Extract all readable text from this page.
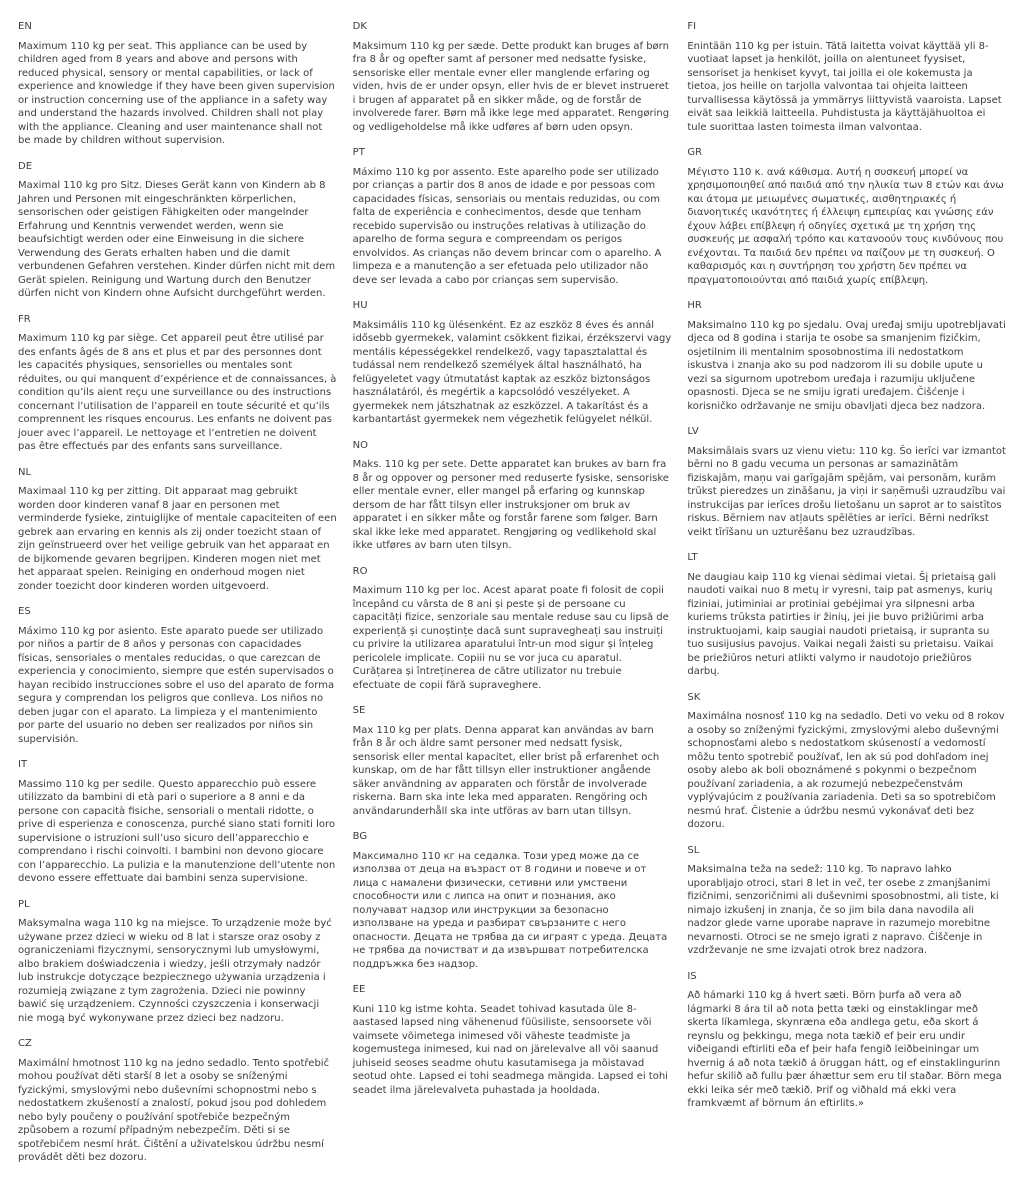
EN

Maximum 110 kg per seat. This appliance can be used by children aged from 8 years and above and persons with reduced physical, sensory or mental capabilities, or lack of experience and knowledge if they have been given supervision or instruction concerning use of the appliance in a safety way and understand the hazards involved. Children shall not play with the appliance. Cleaning and user maintenance shall not be made by children without supervision.

DE

Maximal 110 kg pro Sitz. Dieses Gerät kann von Kindern ab 8 Jahren und Personen mit eingeschränkten körperlichen, sensorischen oder geistigen Fähigkeiten oder mangelnder Erfahrung und Kenntnis verwendet werden, wenn sie beaufsichtigt werden oder eine Einweisung in die sichere Verwendung des Gerats erhalten haben und die damit verbundenen Gefahren verstehen. Kinder dürfen nicht mit dem Gerät spielen. Reinigung und Wartung durch den Benutzer dürfen nicht von Kindern ohne Aufsicht durchgeführt werden.

FR

Maximum 110 kg par siège. Cet appareil peut être utilisé par des enfants âgés de 8 ans et plus et par des personnes dont les capacités physiques, sensorielles ou mentales sont réduites, ou qui manquent d’expérience et de connaissances, à condition qu’ils aient reçu une surveillance ou des instructions concernant l’utilisation de l’appareil en toute sécurité et qu’ils comprennent les risques encourus. Les enfants ne doivent pas jouer avec l’appareil. Le nettoyage et l’entretien ne doivent pas être effectués par des enfants sans surveillance.

NL

Maximaal 110 kg per zitting. Dit apparaat mag gebruikt worden door kinderen vanaf 8 jaar en personen met verminderde fysieke, zintuiglijke of mentale capaciteiten of een gebrek aan ervaring en kennis als zij onder toezicht staan of zijn geïnstrueerd over het veilige gebruik van het apparaat en de bijkomende gevaren begrijpen. Kinderen mogen niet met het apparaat spelen. Reiniging en onderhoud mogen niet zonder toezicht door kinderen worden uitgevoerd.

ES

Máximo 110 kg por asiento. Este aparato puede ser utilizado por niños a partir de 8 años y personas con capacidades físicas, sensoriales o mentales reducidas, o que carezcan de experiencia y conocimiento, siempre que estén supervisados o hayan recibido instrucciones sobre el uso del aparato de forma segura y comprendan los peligros que conlleva. Los niños no deben jugar con el aparato. La limpieza y el mantenimiento por parte del usuario no deben ser realizados por niños sin supervisión.

IT

Massimo 110 kg per sedile. Questo apparecchio può essere utilizzato da bambini di età pari o superiore a 8 anni e da persone con capacità fisiche, sensoriali o mentali ridotte, o prive di esperienza e conoscenza, purché siano stati forniti loro supervisione o istruzioni sull’uso sicuro dell’apparecchio e comprendano i rischi coinvolti. I bambini non devono giocare con l’apparecchio. La pulizia e la manutenzione dell’utente non devono essere effettuate dai bambini senza supervisione.

PL

Maksymalna waga 110 kg na miejsce. To urządzenie może być używane przez dzieci w wieku od 8 lat i starsze oraz osoby z ograniczeniami fizycznymi, sensorycznymi lub umysłowymi, albo brakiem doświadczenia i wiedzy, jeśli otrzymały nadzór lub instrukcje dotyczące bezpiecznego używania urządzenia i rozumieją związane z tym zagrożenia. Dzieci nie powinny bawić się urządzeniem. Czynności czyszczenia i konserwacji nie mogą być wykonywane przez dzieci bez nadzoru.

CZ

Maximální hmotnost 110 kg na jedno sedadlo. Tento spotřebič mohou používat děti starší 8 let a osoby se sníženými fyzickými, smyslovými nebo duševními schopnostmi nebo s nedostatkem zkušeností a znalostí, pokud jsou pod dohledem nebo byly poučeny o používání spotřebiče bezpečným způsobem a rozumí případným nebezpečím. Děti si se spotřebičem nesmí hrát. Čištění a uživatelskou údržbu nesmí provádět děti bez dozoru.

DK

Maksimum 110 kg per sæde. Dette produkt kan bruges af børn fra 8 år og opefter samt af personer med nedsatte fysiske, sensoriske eller mentale evner eller manglende erfaring og viden, hvis de er under opsyn, eller hvis de er blevet instrueret i brugen af apparatet på en sikker måde, og de forstår de involverede farer. Børn må ikke lege med apparatet. Rengøring og vedligeholdelse må ikke udføres af børn uden opsyn.

PT

Máximo 110 kg por assento. Este aparelho pode ser utilizado por crianças a partir dos 8 anos de idade e por pessoas com capacidades físicas, sensoriais ou mentais reduzidas, ou com falta de experiência e conhecimentos, desde que tenham recebido supervisão ou instruções relativas à utilização do aparelho de forma segura e compreendam os perigos envolvidos. As crianças não devem brincar com o aparelho. A limpeza e a manutenção a ser efetuada pelo utilizador não deve ser levada a cabo por crianças sem supervisão.

HU

Maksimális 110 kg ülésenként. Ez az eszköz 8 éves és annál idősebb gyermekek, valamint csökkent fizikai, érzékszervi vagy mentális képességekkel rendelkező, vagy tapasztalattal és tudással nem rendelkező személyek által használható, ha felügyeletet vagy útmutatást kaptak az eszköz biztonságos használatáról, és megértik a kapcsolódó veszélyeket. A gyermekek nem játszhatnak az eszközzel. A takarítást és a karbantartást gyermekek nem végezhetik felügyelet nélkül.

NO

Maks. 110 kg per sete. Dette apparatet kan brukes av barn fra 8 år og oppover og personer med reduserte fysiske, sensoriske eller mentale evner, eller mangel på erfaring og kunnskap dersom de har fått tilsyn eller instruksjoner om bruk av apparatet i en sikker måte og forstår farene som følger. Barn skal ikke leke med apparatet. Rengjøring og vedlikehold skal ikke utføres av barn uten tilsyn.

RO

Maximum 110 kg per loc. Acest aparat poate fi folosit de copii începând cu vârsta de 8 ani și peste și de persoane cu capacități fizice, senzoriale sau mentale reduse sau cu lipsă de experiență și cunoștințe dacă sunt supravegheați sau instruiți cu privire la utilizarea aparatului într-un mod sigur și înțeleg pericolele implicate. Copiii nu se vor juca cu aparatul. Curățarea și întreținerea de către utilizator nu trebuie efectuate de copii fără supraveghere.

SE

Max 110 kg per plats. Denna apparat kan användas av barn från 8 år och äldre samt personer med nedsatt fysisk, sensorisk eller mental kapacitet, eller brist på erfarenhet och kunskap, om de har fått tillsyn eller instruktioner angående säker användning av apparaten och förstår de involverade riskerna. Barn ska inte leka med apparaten. Rengöring och användarunderhåll ska inte utföras av barn utan tillsyn.

BG

Максимално 110 кг на седалка. Този уред може да се използва от деца на възраст от 8 години и повече и от лица с намалени физически, сетивни или умствени способности или с липса на опит и познания, ако получават надзор или инструкции за безопасно използване на уреда и разбират свързаните с него опасности. Децата не трябва да си играят с уреда. Децата не трябва да почистват и да извършват потребителска поддръжка без надзор.

EE

Kuni 110 kg istme kohta. Seadet tohivad kasutada üle 8-aastased lapsed ning vähenenud füüsiliste, sensoorsete või vaimsete võimetega inimesed või väheste teadmiste ja kogemustega inimesed, kui nad on järelevalve all või saanud juhiseid seoses seadme ohutu kasutamisega ja mõistavad seotud ohte. Lapsed ei tohi seadmega mängida. Lapsed ei tohi seadet ilma järelevalveta puhastada ja hooldada.

FI

Enintään 110 kg per istuin. Tätä laitetta voivat käyttää yli 8-vuotiaat lapset ja henkilöt, joilla on alentuneet fyysiset, sensoriset ja henkiset kyvyt, tai joilla ei ole kokemusta ja tietoa, jos heille on tarjolla valvontaa tai ohjeita laitteen turvallisessa käytössä ja ymmärrys liittyvistä vaaroista. Lapset eivät saa leikkiä laitteella. Puhdistusta ja käyttäjähuoltoa ei tule suorittaa lasten toimesta ilman valvontaa.

GR

Μέγιστο 110 κ. ανά κάθισμα. Αυτή η συσκευή μπορεί να χρησιμοποιηθεί από παιδιά από την ηλικία των 8 ετών και άνω και άτομα με μειωμένες σωματικές, αισθητηριακές ή διανοητικές ικανότητες ή έλλειψη εμπειρίας και γνώσης εάν έχουν λάβει επίβλεψη ή οδηγίες σχετικά με τη χρήση της συσκευής με ασφαλή τρόπο και κατανοούν τους κινδύνους που ενέχονται. Τα παιδιά δεν πρέπει να παίζουν με τη συσκευή. Ο καθαρισμός και η συντήρηση του χρήστη δεν πρέπει να πραγματοποιούνται από παιδιά χωρίς επίβλεψη.

HR

Maksimalno 110 kg po sjedalu. Ovaj uređaj smiju upotrebljavati djeca od 8 godina i starija te osobe sa smanjenim fizičkim, osjetilnim ili mentalnim sposobnostima ili nedostatkom iskustva i znanja ako su pod nadzorom ili su dobile upute u vezi sa sigurnom upotrebom uređaja i razumiju uključene opasnosti. Djeca se ne smiju igrati uređajem. Čišćenje i korisničko održavanje ne smiju obavljati djeca bez nadzora.

LV

Maksimālais svars uz vienu vietu: 110 kg. Šo ierīci var izmantot bērni no 8 gadu vecuma un personas ar samazinātām fiziskajām, maņu vai garīgajām spējām, vai personām, kurām trūkst pieredzes un zināšanu, ja viņi ir saņēmuši uzraudzību vai instrukcijas par ierīces drošu lietošanu un saprot ar to saistītos riskus. Bērniem nav atļauts spēlēties ar ierīci. Bērni nedrīkst veikt tīrīšanu un uzturēšanu bez uzraudzības.

LT

Ne daugiau kaip 110 kg vienai sėdimai vietai. Šį prietaisą gali naudoti vaikai nuo 8 metų ir vyresni, taip pat asmenys, kurių fiziniai, jutiminiai ar protiniai gebėjimai yra silpnesni arba kuriems trūksta patirties ir žinių, jei jie buvo prižiūrimi arba instruktuojami, kaip saugiai naudoti prietaisą, ir supranta su tuo susijusius pavojus. Vaikai negali žaisti su prietaisu. Vaikai be priežiūros neturi atlikti valymo ir naudotojo priežiūros darbų.

SK

Maximálna nosnosť 110 kg na sedadlo. Deti vo veku od 8 rokov a osoby so zníženými fyzickými, zmyslovými alebo duševnými schopnosťami alebo s nedostatkom skúseností a vedomostí môžu tento spotrebič používať, len ak sú pod dohľadom inej osoby alebo ak boli oboznámené s pokynmi o bezpečnom používaní zariadenia, a ak rozumejú nebezpečenstvám vyplývajúcim z používania zariadenia. Deti sa so spotrebičom nesmú hrať. Čistenie a údržbu nesmú vykonávať deti bez dozoru.

SL

Maksimalna teža na sedež: 110 kg. To napravo lahko uporabljajo otroci, stari 8 let in več, ter osebe z zmanjšanimi fizičnimi, senzoričnimi ali duševnimi sposobnostmi, ali tiste, ki nimajo izkušenj in znanja, če so jim bila dana navodila ali nadzor glede varne uporabe naprave in razumejo morebitne nevarnosti. Otroci se ne smejo igrati z napravo. Čiščenje in vzdrževanje ne sme izvajati otrok brez nadzora.

IS

Að hámarki 110 kg á hvert sæti. Börn þurfa að vera að lágmarki 8 ára til að nota þetta tæki og einstaklingar með skerta líkamlega, skynræna eða andlega getu, eða skort á reynslu og þekkingu, mega nota tækið ef þeir eru undir viðeigandi eftirliti eða ef þeir hafa fengið leiðbeiningar um hvernig á að nota tækið á öruggan hátt, og ef einstaklingurinn hefur skilið að fullu þær áhættur sem eru til staðar. Börn mega ekki leika sér með tækið. Þrif og viðhald má ekki vera framkvæmt af börnum án eftirlits.»
